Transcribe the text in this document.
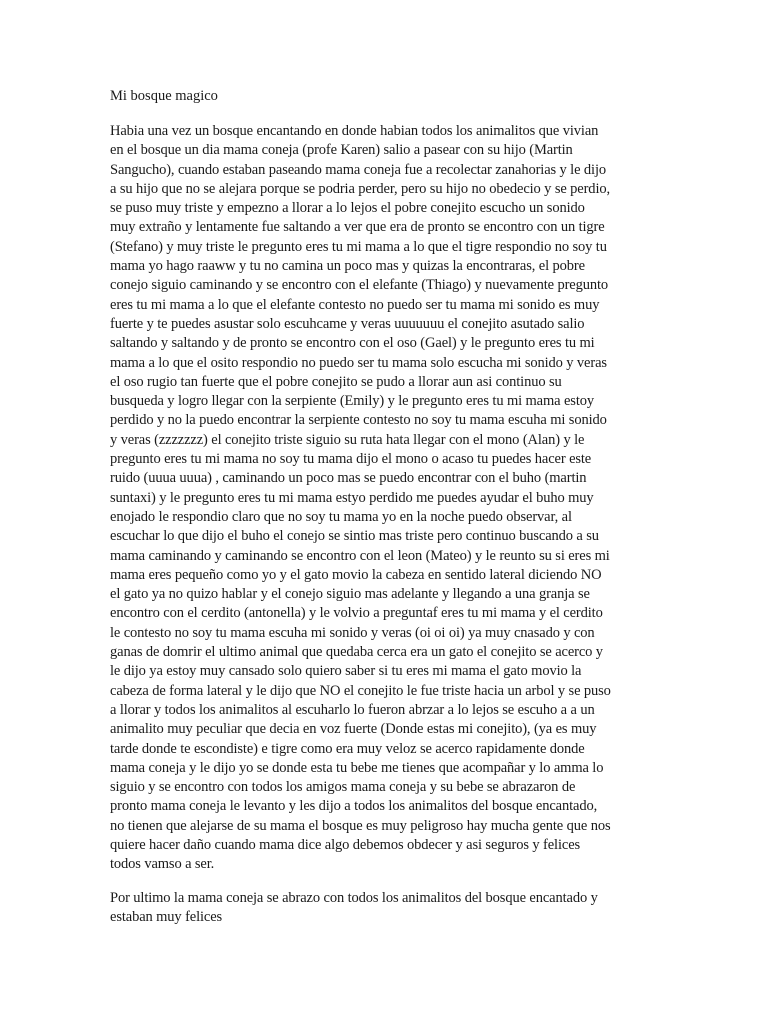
Mi bosque magico
Habia una vez un bosque encantando en donde habian todos los animalitos que vivian
en el bosque un dia mama coneja (profe Karen) salio a pasear con su hijo (Martin
Sangucho), cuando estaban paseando mama coneja fue a recolectar zanahorias y le dijo
a su hijo que no se alejara porque se podria perder, pero su hijo no obedecio y se perdio,
se puso muy triste y empezno a llorar a lo lejos el pobre conejito escucho un sonido
muy extraño y lentamente fue saltando a ver que era de pronto se encontro con un tigre
(Stefano) y muy triste le pregunto eres tu mi mama a lo que el tigre respondio no soy tu
mama yo hago raaww y tu no camina un poco mas y quizas la encontraras, el pobre
conejo siguio caminando y se encontro con el elefante (Thiago) y nuevamente pregunto
eres tu mi mama a lo que el elefante contesto no puedo ser tu mama mi sonido es muy
fuerte y te puedes asustar solo escuhcame y veras uuuuuuu el conejito asutado salio
saltando y saltando y de pronto se encontro con el oso (Gael) y le pregunto eres tu mi
mama a lo que el osito respondio no puedo ser tu mama solo escucha mi sonido y veras
el oso rugio tan fuerte que el pobre conejito se pudo a llorar aun asi continuo su
busqueda y logro llegar con la serpiente (Emily) y le pregunto eres tu mi mama estoy
perdido y no la puedo encontrar la serpiente contesto no soy tu mama escuha mi sonido
y veras (zzzzzzz) el conejito triste siguio su ruta hata llegar con el mono (Alan) y le
pregunto eres tu mi mama no soy tu mama dijo el mono o acaso tu puedes hacer este
ruido (uuua uuua) , caminando un poco mas se puedo encontrar con el buho (martin
suntaxi) y le pregunto eres tu mi mama estyo perdido me puedes ayudar el buho muy
enojado le respondio claro que no soy tu mama yo en la noche puedo observar, al
escuchar lo que dijo el buho el conejo se sintio mas triste pero continuo buscando a su
mama caminando y caminando se encontro con el leon (Mateo) y le reunto su si eres mi
mama eres pequeño como yo y el gato movio la cabeza en sentido lateral diciendo NO
el gato ya no quizo hablar y el conejo siguio mas adelante y llegando a una granja se
encontro con el cerdito (antonella) y le volvio a preguntaf eres tu mi mama y el cerdito
le contesto no soy tu mama escuha mi sonido y veras (oi oi oi) ya muy cnasado y con
ganas de domrir el ultimo animal que quedaba cerca era un gato el conejito se acerco y
le dijo ya estoy muy cansado solo quiero saber si tu eres mi mama el gato movio la
cabeza de forma lateral y le dijo que NO el conejito le fue triste hacia un arbol y se puso
a llorar y todos los animalitos al escuharlo lo fueron abrzar a lo lejos se escuho a a un
animalito muy peculiar que decia en voz fuerte (Donde estas mi conejito), (ya es muy
tarde donde te escondiste) e tigre como era muy veloz se acerco rapidamente donde
mama coneja y le dijo yo se donde esta tu bebe me tienes que acompañar y lo amma lo
siguio y se encontro con todos los amigos mama coneja y su bebe se abrazaron de
pronto mama coneja le levanto y les dijo a todos los animalitos del bosque encantado,
no tienen que alejarse de su mama el bosque es muy peligroso hay mucha gente que nos
quiere hacer daño cuando mama dice algo debemos obdecer y asi seguros y felices
todos vamso a ser.
Por ultimo la mama coneja se abrazo con todos los animalitos del bosque encantado y
estaban muy felices
